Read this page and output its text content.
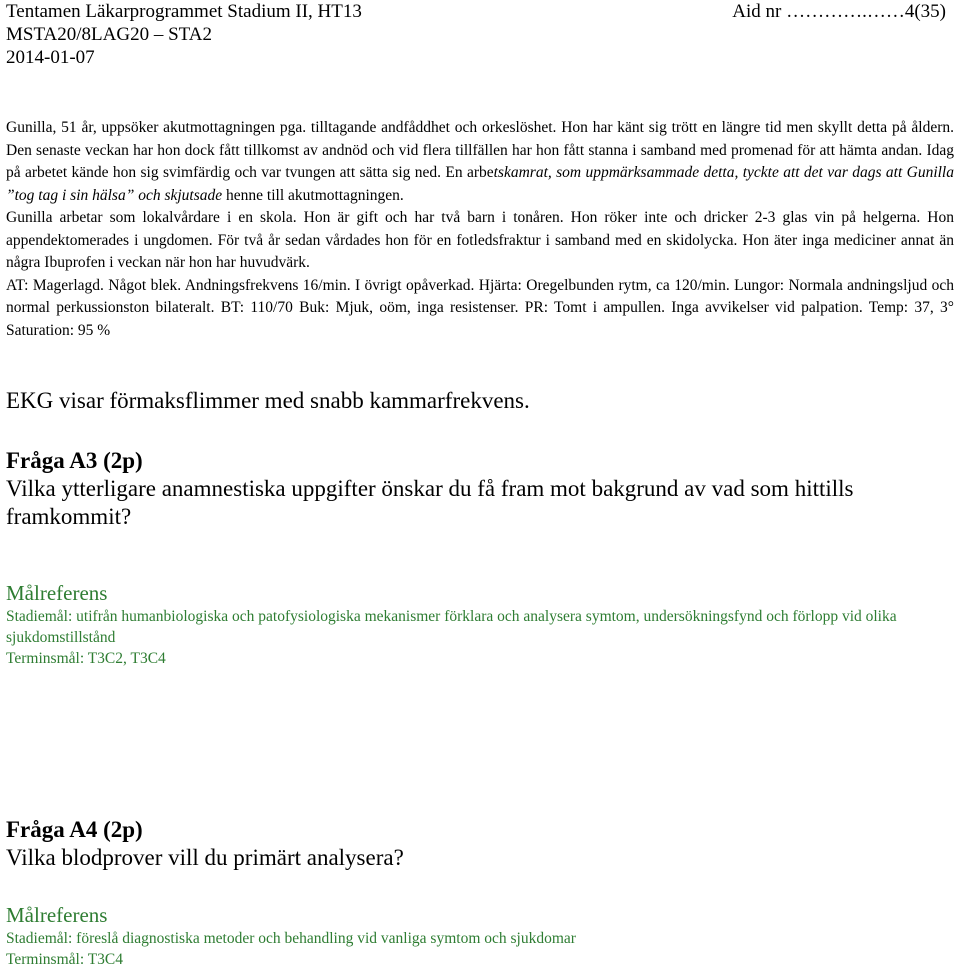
Tentamen Läkarprogrammet Stadium II, HT13	Aid nr ………….……4(35)
MSTA20/8LAG20 – STA2
2014-01-07

Gunilla, 51 år, uppsöker akutmottagningen pga. tilltagande andfåddhet och orkeslöshet. Hon har känt sig trött en längre tid men skyllt detta på åldern. Den senaste veckan har hon dock fått tillkomst av andnöd och vid flera tillfällen har hon fått stanna i samband med promenad för att hämta andan. Idag på arbetet kände hon sig svimfärdig och var tvungen att sätta sig ned. En arbetskamrat, som uppmärksammade detta, tyckte att det var dags att Gunilla ”tog tag i sin hälsa” och skjutsade henne till akutmottagningen.

Gunilla arbetar som lokalvårdare i en skola. Hon är gift och har två barn i tonåren. Hon röker inte och dricker 2-3 glas vin på helgerna. Hon appendektomerades i ungdomen. För två år sedan vårdades hon för en fotledsfraktur i samband med en skidolycka. Hon äter inga mediciner annat än några Ibuprofen i veckan när hon har huvudvärk.

AT: Magerlagd. Något blek. Andningsfrekvens 16/min. I övrigt opåverkad. Hjärta: Oregelbunden rytm, ca 120/min. Lungor: Normala andningsljud och normal perkussionston bilateralt. BT: 110/70 Buk: Mjuk, oöm, inga resistenser. PR: Tomt i ampullen. Inga avvikelser vid palpation. Temp: 37, 3° Saturation: 95 %

EKG visar förmaksflimmer med snabb kammarfrekvens.
Fråga A3 (2p)
Vilka ytterligare anamnestiska uppgifter önskar du få fram mot bakgrund av vad som hittills framkommit?
Målreferens
Stadiemål: utifrån humanbiologiska och patofysiologiska mekanismer förklara och analysera symtom, undersökningsfynd och förlopp vid olika sjukdomstillstånd
Terminsmål: T3C2, T3C4
Fråga A4 (2p)
Vilka blodprover vill du primärt analysera?
Målreferens
Stadiemål: föreslå diagnostiska metoder och behandling vid vanliga symtom och sjukdomar
Terminsmål: T3C4
